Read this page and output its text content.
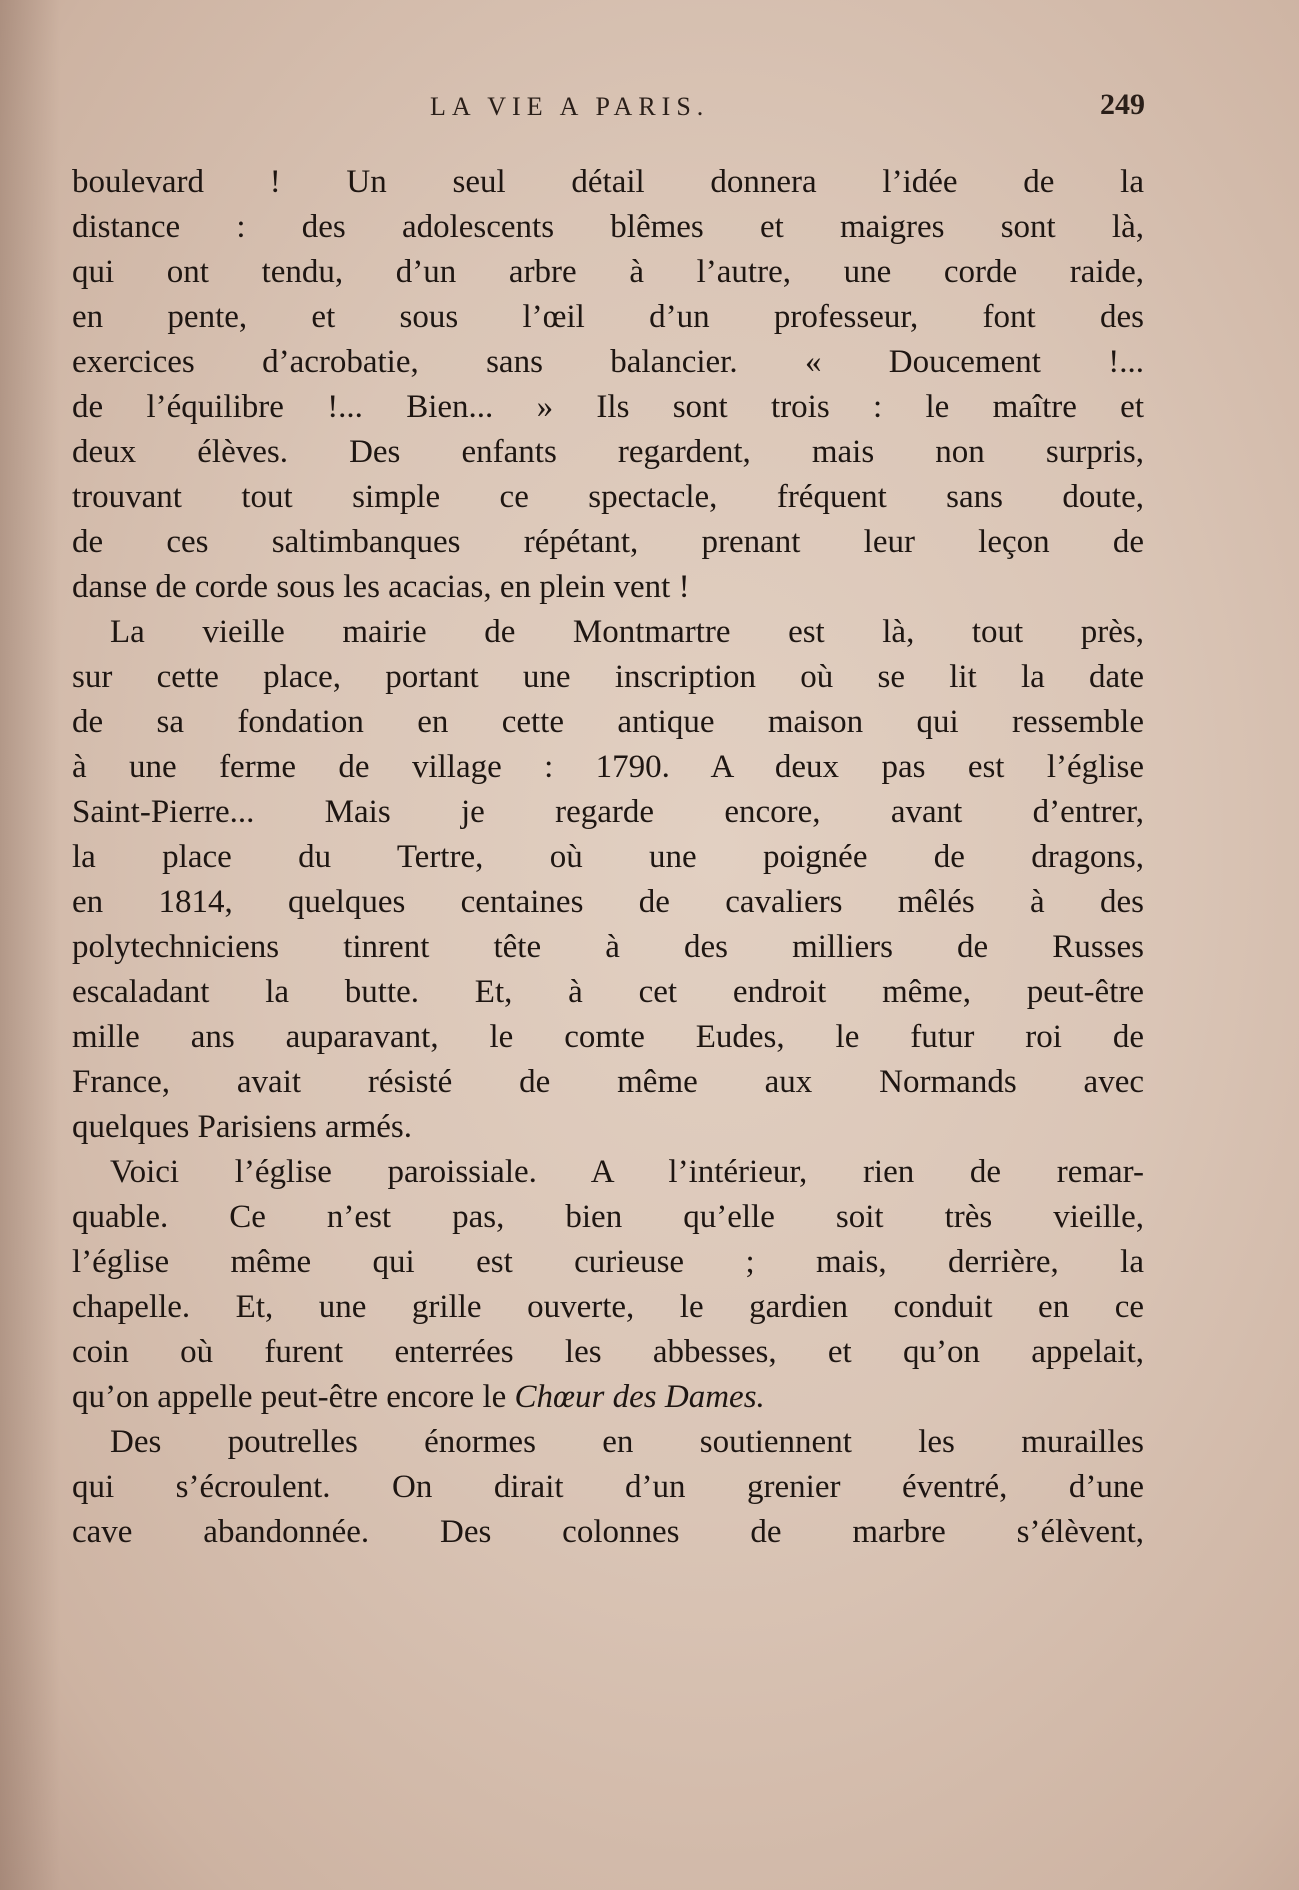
LA VIE A PARIS.	249
boulevard ! Un seul détail donnera l’idée de la
distance : des adolescents blêmes et maigres sont là,
qui ont tendu, d’un arbre à l’autre, une corde raide,
en pente, et sous l’œil d’un professeur, font des
exercices d’acrobatie, sans balancier. « Doucement !...
de l’équilibre !... Bien... » Ils sont trois : le maître et
deux élèves. Des enfants regardent, mais non surpris,
trouvant tout simple ce spectacle, fréquent sans doute,
de ces saltimbanques répétant, prenant leur leçon de
danse de corde sous les acacias, en plein vent !
La vieille mairie de Montmartre est là, tout près,
sur cette place, portant une inscription où se lit la date
de sa fondation en cette antique maison qui ressemble
à une ferme de village : 1790. A deux pas est l’église
Saint-Pierre... Mais je regarde encore, avant d’entrer,
la place du Tertre, où une poignée de dragons,
en 1814, quelques centaines de cavaliers mêlés à des
polytechniciens tinrent tête à des milliers de Russes
escaladant la butte. Et, à cet endroit même, peut-être
mille ans auparavant, le comte Eudes, le futur roi de
France, avait résisté de même aux Normands avec
quelques Parisiens armés.
Voici l’église paroissiale. A l’intérieur, rien de remar-
quable. Ce n’est pas, bien qu’elle soit très vieille,
l’église même qui est curieuse ; mais, derrière, la
chapelle. Et, une grille ouverte, le gardien conduit en ce
coin où furent enterrées les abbesses, et qu’on appelait,
qu’on appelle peut-être encore le Chœur des Dames.
Des poutrelles énormes en soutiennent les murailles
qui s’écroulent. On dirait d’un grenier éventré, d’une
cave abandonnée. Des colonnes de marbre s’élèvent,
